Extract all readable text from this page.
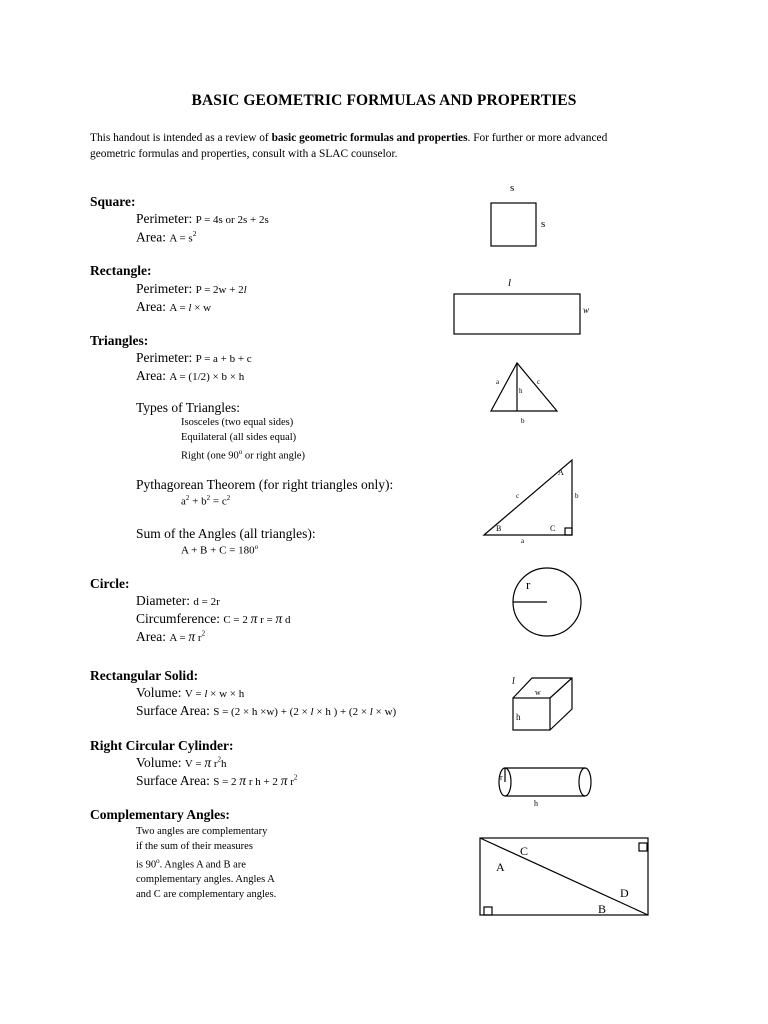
BASIC GEOMETRIC FORMULAS AND PROPERTIES
This handout is intended as a review of basic geometric formulas and properties. For further or more advanced
geometric formulas and properties, consult with a SLAC counselor.
Square:
Perimeter: P = 4s or 2s + 2s
Area: $A = s^2$
Rectangle:
Perimeter: P = 2w + 2l
Area: A = l × w
Triangles:
Perimeter: P = a + b + c
Area: A = (1/2) × b × h
Types of Triangles:
Isosceles (two equal sides)
Equilateral (all sides equal)
Right (one 90$^o$ or right angle)
Pythagorean Theorem (for right triangles only):
$a^2 + b^2 = c^2$
Sum of the Angles (all triangles):
$A + B + C = 180^o$
Circle:
Diameter: d = 2r
Circumference: C = 2 π r = π d
Area: A = π $r^2$
Rectangular Solid:
Volume: V = l × w × h
Surface Area: S = (2 × h ×w) + (2 × l × h ) + (2 × l × w)
Right Circular Cylinder:
Volume: V = π $r^2h$
Surface Area: S = 2 π r h + 2 π $r^2$
Complementary Angles:
Two angles are complementary
if the sum of their measures
is 90$^o$. Angles A and B are
complementary angles. Angles A
and C are complementary angles.
s
s
l
w
a	c
h
b
A
b
c
B	C
a
r
l
w
h
r
h
A
C
D
B
